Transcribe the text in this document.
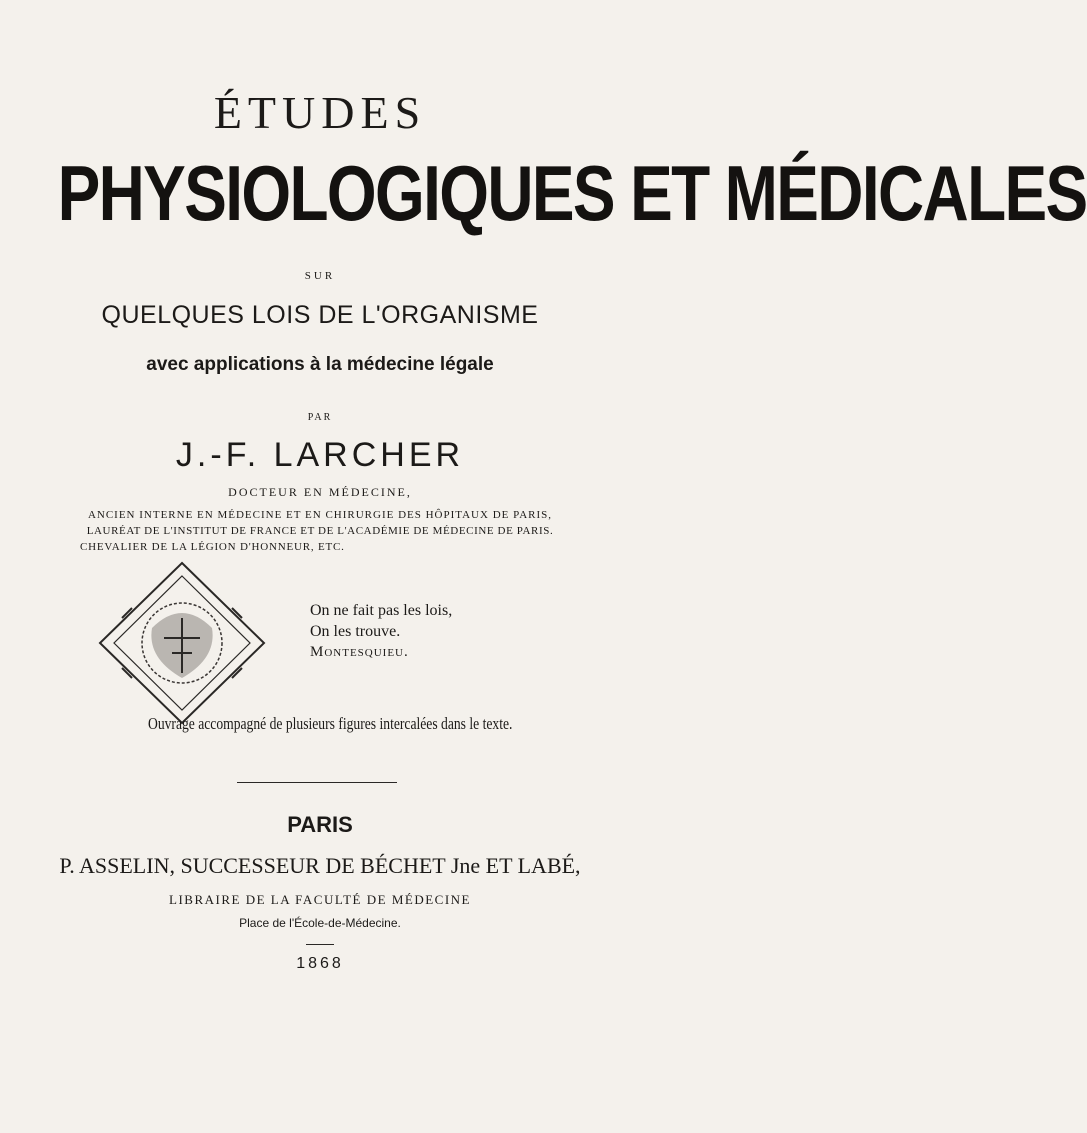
ÉTUDES
PHYSIOLOGIQUES ET MÉDICALES
SUR
QUELQUES LOIS DE L'ORGANISME
avec applications à la médecine légale
PAR
J.-F. LARCHER
DOCTEUR EN MÉDECINE,
ANCIEN INTERNE EN MÉDECINE ET EN CHIRURGIE DES HÔPITAUX DE PARIS,
LAURÉAT DE L'INSTITUT DE FRANCE ET DE L'ACADÉMIE DE MÉDECINE DE PARIS.
CHEVALIER DE LA LÉGION D'HONNEUR, ETC.
On ne fait pas les lois,
On les trouve.
Montesquieu.
Ouvrage accompagné de plusieurs figures intercalées dans le texte.
PARIS
P. ASSELIN, SUCCESSEUR DE BÉCHET Jne ET LABÉ,
LIBRAIRE DE LA FACULTÉ DE MÉDECINE
Place de l'École-de-Médecine.
1868
